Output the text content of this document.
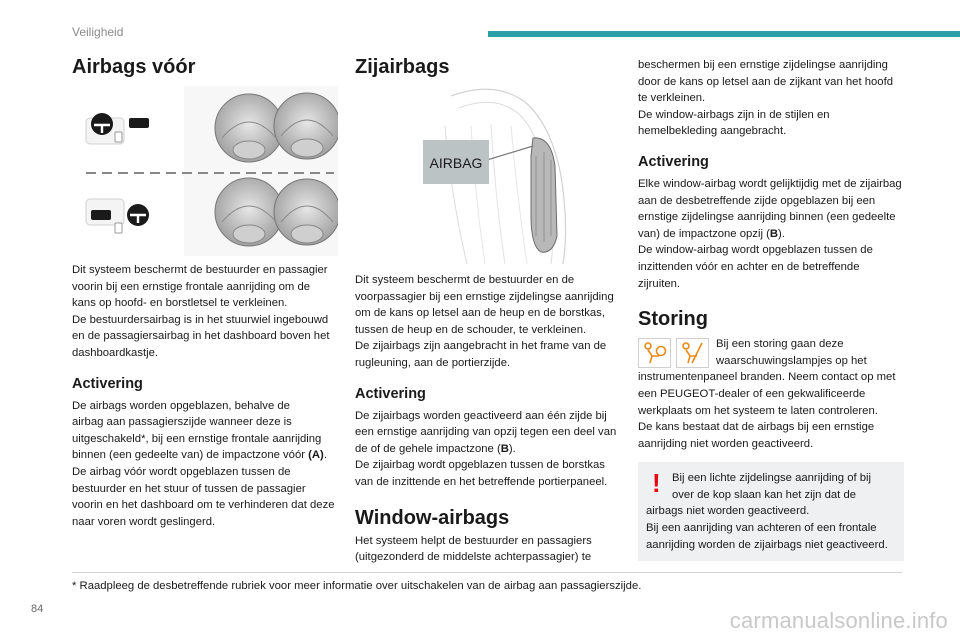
Veiligheid
Airbags vóór
Dit systeem beschermt de bestuurder en passagier
voorin bij een ernstige frontale aanrijding om de
kans op hoofd- en borstletsel te verkleinen.
De bestuurdersairbag is in het stuurwiel ingebouwd
en de passagiersairbag in het dashboard boven het
dashboardkastje.
Activering
De airbags worden opgeblazen, behalve de
airbag aan passagierszijde wanneer deze is
uitgeschakeld*, bij een ernstige frontale aanrijding
binnen (een gedeelte van) de impactzone vóór (A).
De airbag vóór wordt opgeblazen tussen de
bestuurder en het stuur of tussen de passagier
voorin en het dashboard om te verhinderen dat deze
naar voren wordt geslingerd.
Zijairbags
AIRBAG
Dit systeem beschermt de bestuurder en de
voorpassagier bij een ernstige zijdelingse aanrijding
om de kans op letsel aan de heup en de borstkas,
tussen de heup en de schouder, te verkleinen.
De zijairbags zijn aangebracht in het frame van de
rugleuning, aan de portierzijde.
Activering
De zijairbags worden geactiveerd aan één zijde bij
een ernstige aanrijding van opzij tegen een deel van
de of de gehele impactzone (B).
De zijairbag wordt opgeblazen tussen de borstkas
van de inzittende en het betreffende portierpaneel.
Window-airbags
Het systeem helpt de bestuurder en passagiers
(uitgezonderd de middelste achterpassagier) te
beschermen bij een ernstige zijdelingse aanrijding
door de kans op letsel aan de zijkant van het hoofd
te verkleinen.
De window-airbags zijn in de stijlen en
hemelbekleding aangebracht.
Activering
Elke window-airbag wordt gelijktijdig met de zijairbag
aan de desbetreffende zijde opgeblazen bij een
ernstige zijdelingse aanrijding binnen (een gedeelte
van) de impactzone opzij (B).
De window-airbag wordt opgeblazen tussen de
inzittenden vóór en achter en de betreffende
zijruiten.
Storing
Bij een storing gaan deze
waarschuwingslampjes op het
instrumentenpaneel branden. Neem contact op met
een PEUGEOT-dealer of een gekwalificeerde
werkplaats om het systeem te laten controleren.
De kans bestaat dat de airbags bij een ernstige
aanrijding niet worden geactiveerd.
!	Bij een lichte zijdelingse aanrijding of bij
over de kop slaan kan het zijn dat de
airbags niet worden geactiveerd.
Bij een aanrijding van achteren of een frontale
aanrijding worden de zijairbags niet geactiveerd.
* Raadpleeg de desbetreffende rubriek voor meer informatie over uitschakelen van de airbag aan passagierszijde.
84	carmanualsonline.info
